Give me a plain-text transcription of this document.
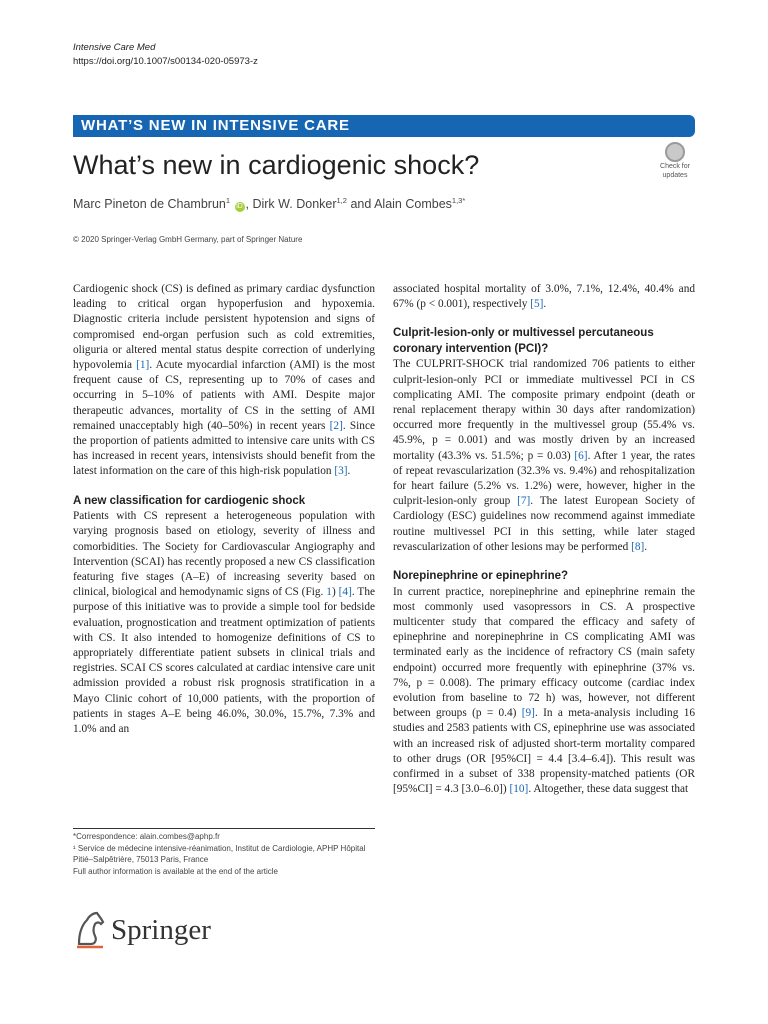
Intensive Care Med
https://doi.org/10.1007/s00134-020-05973-z
WHAT’S NEW IN INTENSIVE CARE
What’s new in cardiogenic shock?	Check for
updates
Marc Pineton de Chambrun$^1$ iD , Dirk W. Donker$^{1,2}$ and Alain Combes$^{1,3*}$
© 2020 Springer-Verlag GmbH Germany, part of Springer Nature

Cardiogenic shock (CS) is defined as primary cardiac dysfunction leading to critical organ hypoperfusion and hypoxemia. Diagnostic criteria include persistent hypotension and signs of compromised end-organ perfusion such as cold extremities, oliguria or altered mental status despite correction of underlying hypovolemia [1]. Acute myocardial infarction (AMI) is the most frequent cause of CS, representing up to 70% of cases and occurring in 5–10% of patients with AMI. Despite major therapeutic advances, mortality of CS in the setting of AMI remained unacceptably high (40–50%) in recent years [2]. Since the proportion of patients admitted to intensive care units with CS has increased in recent years, intensivists should benefit from the latest information on the care of this high-risk population [3].

A new classification for cardiogenic shock

Patients with CS represent a heterogeneous population with varying prognosis based on etiology, severity of illness and comorbidities. The Society for Cardiovascular Angiography and Intervention (SCAI) has recently proposed a new CS classification featuring five stages (A–E) of increasing severity based on clinical, biological and hemodynamic signs of CS (Fig. 1) [4]. The purpose of this initiative was to provide a simple tool for bedside evaluation, prognostication and treatment optimization of patients with CS. It also intended to homogenize definitions of CS to appropriately differentiate patient subsets in clinical trials and registries. SCAI CS scores calculated at cardiac intensive care unit admission provided a robust risk prognosis stratification in a Mayo Clinic cohort of 10,000 patients, with the proportion of patients in stages A–E being 46.0%, 30.0%, 15.7%, 7.3% and 1.0% and an

associated hospital mortality of 3.0%, 7.1%, 12.4%, 40.4% and 67% (p < 0.001), respectively [5].

Culprit-lesion-only or multivessel percutaneous coronary intervention (PCI)?

The CULPRIT-SHOCK trial randomized 706 patients to either culprit-lesion-only PCI or immediate multivessel PCI in CS complicating AMI. The composite primary endpoint (death or renal replacement therapy within 30 days after randomization) occurred more frequently in the multivessel group (55.4% vs. 45.9%, p = 0.001) and was mostly driven by an increased mortality (43.3% vs. 51.5%; p = 0.03) [6]. After 1 year, the rates of repeat revascularization (32.3% vs. 9.4%) and rehospitalization for heart failure (5.2% vs. 1.2%) were, however, higher in the culprit-lesion-only group [7]. The latest European Society of Cardiology (ESC) guidelines now recommend against immediate routine multivessel PCI in this setting, while later staged revascularization of other lesions may be performed [8].

Norepinephrine or epinephrine?

In current practice, norepinephrine and epinephrine remain the most commonly used vasopressors in CS. A prospective multicenter study that compared the efficacy and safety of epinephrine and norepinephrine in CS complicating AMI was terminated early as the incidence of refractory CS (main safety endpoint) occurred more frequently with epinephrine (37% vs. 7%, p = 0.008). The primary efficacy outcome (cardiac index evolution from baseline to 72 h) was, however, not different between groups (p = 0.4) [9]. In a meta-analysis including 16 studies and 2583 patients with CS, epinephrine use was associated with an increased risk of adjusted short-term mortality compared to other drugs (OR [95%CI] = 4.4 [3.4–6.4]). This result was confirmed in a subset of 338 propensity-matched patients (OR [95%CI] = 4.3 [3.0–6.0]) [10]. Altogether, these data suggest that

*Correspondence: alain.combes@aphp.fr

¹ Service de médecine intensive-réanimation, Institut de Cardiologie, APHP Hôpital Pitié–Salpêtrière, 75013 Paris, France

Full author information is available at the end of the article

Springer
